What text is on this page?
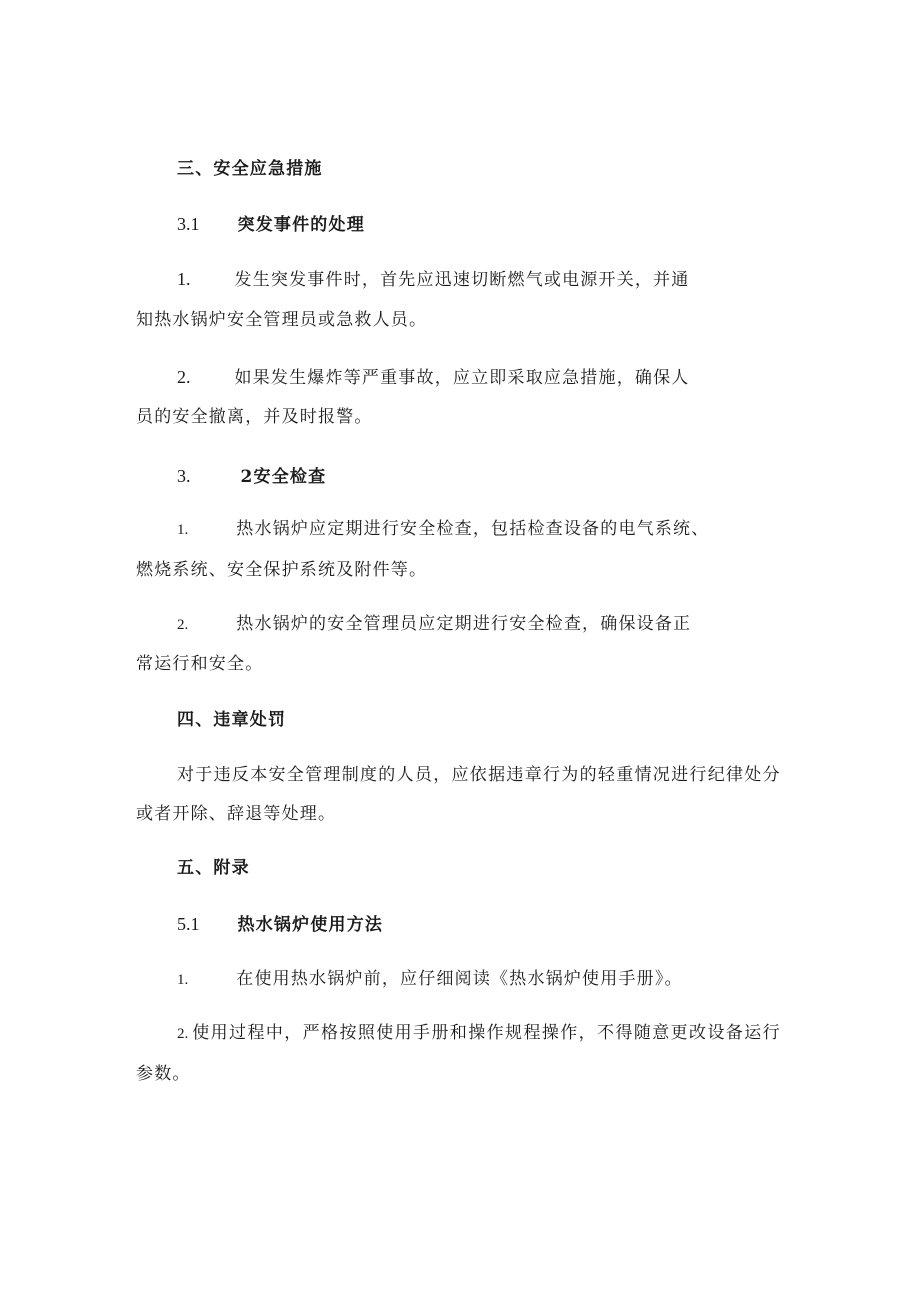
三、安全应急措施
3.1 突发事件的处理
1.	发生突发事件时，首先应迅速切断燃气或电源开关，并通
知热水锅炉安全管理员或急救人员。
2.	如果发生爆炸等严重事故，应立即采取应急措施，确保人
员的安全撤离，并及时报警。
3.	2安全检查
1.	热水锅炉应定期进行安全检查，包括检查设备的电气系统、
燃烧系统、安全保护系统及附件等。
2.	热水锅炉的安全管理员应定期进行安全检查，确保设备正
常运行和安全。
四、违章处罚
对于违反本安全管理制度的人员，应依据违章行为的轻重情况进行纪律处分
或者开除、辞退等处理。
五、附录
5.1 热水锅炉使用方法
1.	在使用热水锅炉前，应仔细阅读《热水锅炉使用手册》。
2. 使用过程中，严格按照使用手册和操作规程操作，不得随意更改设备运行
参数。
